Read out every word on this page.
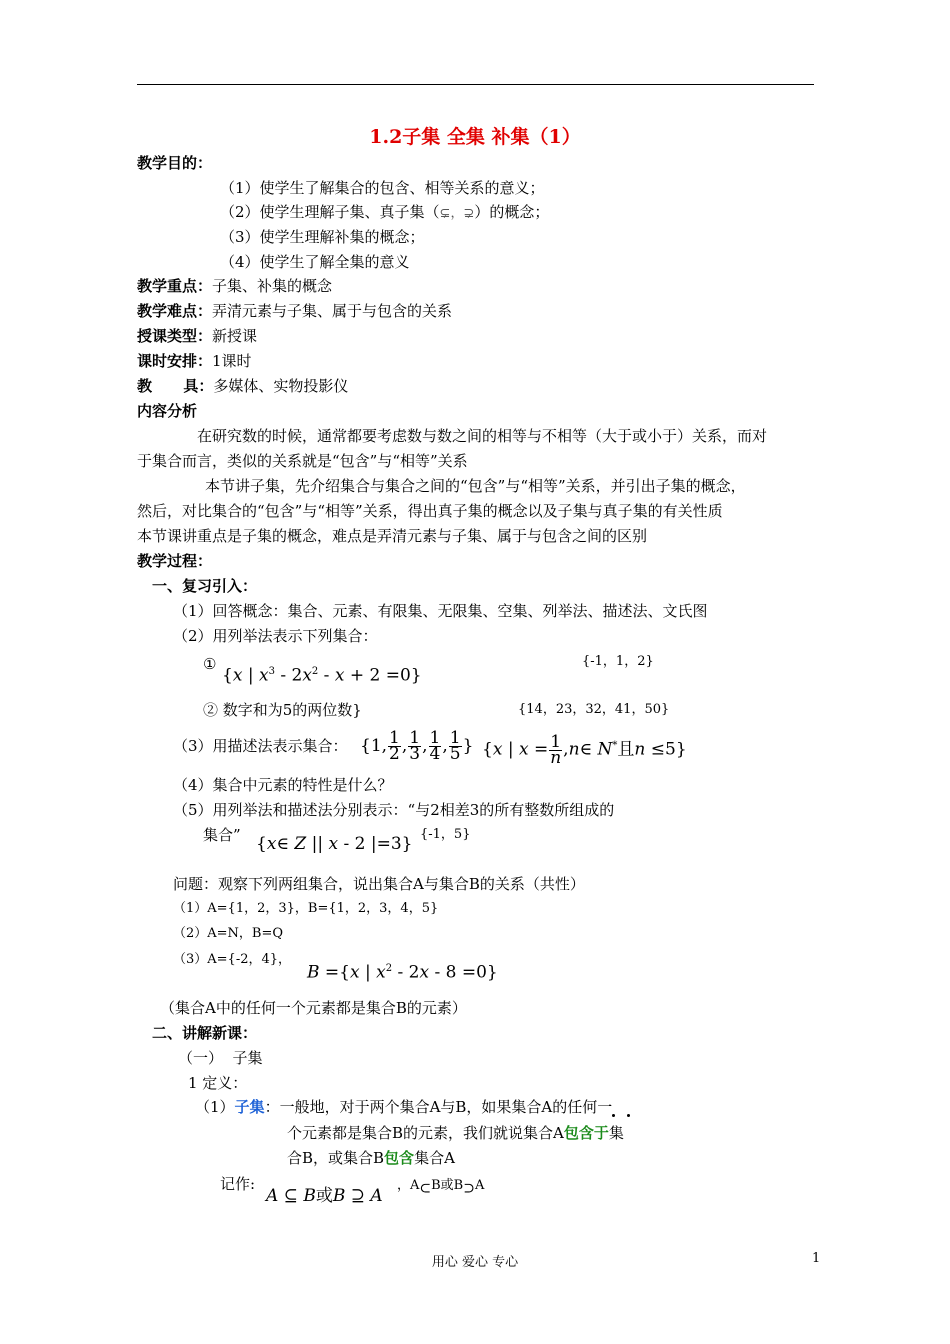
1.2子集 全集 补集（1）
教学目的：
（1）使学生了解集合的包含、相等关系的意义；
（2）使学生理解子集、真子集（⊊，⊋）的概念；
（3）使学生理解补集的概念；
（4）使学生了解全集的意义
教学重点：子集、补集的概念
教学难点：弄清元素与子集、属于与包含的关系
授课类型：新授课
课时安排：1课时
教      具：多媒体、实物投影仪
内容分析
在研究数的时候，通常都要考虑数与数之间的相等与不相等（大于或小于）关系，而对
于集合而言，类似的关系就是“包含”与“相等”关系
本节讲子集，先介绍集合与集合之间的“包含”与“相等”关系，并引出子集的概念，
然后，对比集合的“包含”与“相等”关系，得出真子集的概念以及子集与真子集的有关性质
本节课讲重点是子集的概念，难点是弄清元素与子集、属于与包含之间的区别
教学过程：
一、复习引入：
（1）回答概念：集合、元素、有限集、无限集、空集、列举法、描述法、文氏图
（2）用列举法表示下列集合：
①
{x | $x^3 - 2x^2 - x + 2 =0$}
{-1，1，2}
② 数字和为5的两位数}	{14，23，32，41，50}
（3）用描述法表示集合： {1, $\frac{1}{2}$ , $\frac{1}{3}$ , $\frac{1}{4}$ , $\frac{1}{5}$ } {x | $x = \frac{1}{n}$ ,n∈ N*且n ≤5}
（4）集合中元素的特性是什么？
（5）用列举法和描述法分别表示：“与2相差3的所有整数所组成的
集合” {x∈ Z || x - 2 |=3} {-1，5}
问题：观察下列两组集合，说出集合A与集合B的关系（共性）
（1）A={1，2，3}，B={1，2，3，4，5}
（2）A=N，B=Q
（3）A={-2，4}，
B ={x | $x^2 - 2x - 8 =0$}
（集合A中的任何一个元素都是集合B的元素）
二、讲解新课：
（一）  子集
1 定义：
（1）子集：一般地，对于两个集合A与B，如果集合A的任何一
个元素都是集合B的元素，我们就说集合A包含于集
合B，或集合B包含集合A
记作:
A ⊆ B或B ⊇ A
，$A_\subset B$或$B_⊃A$
用心 爱心 专心	1
